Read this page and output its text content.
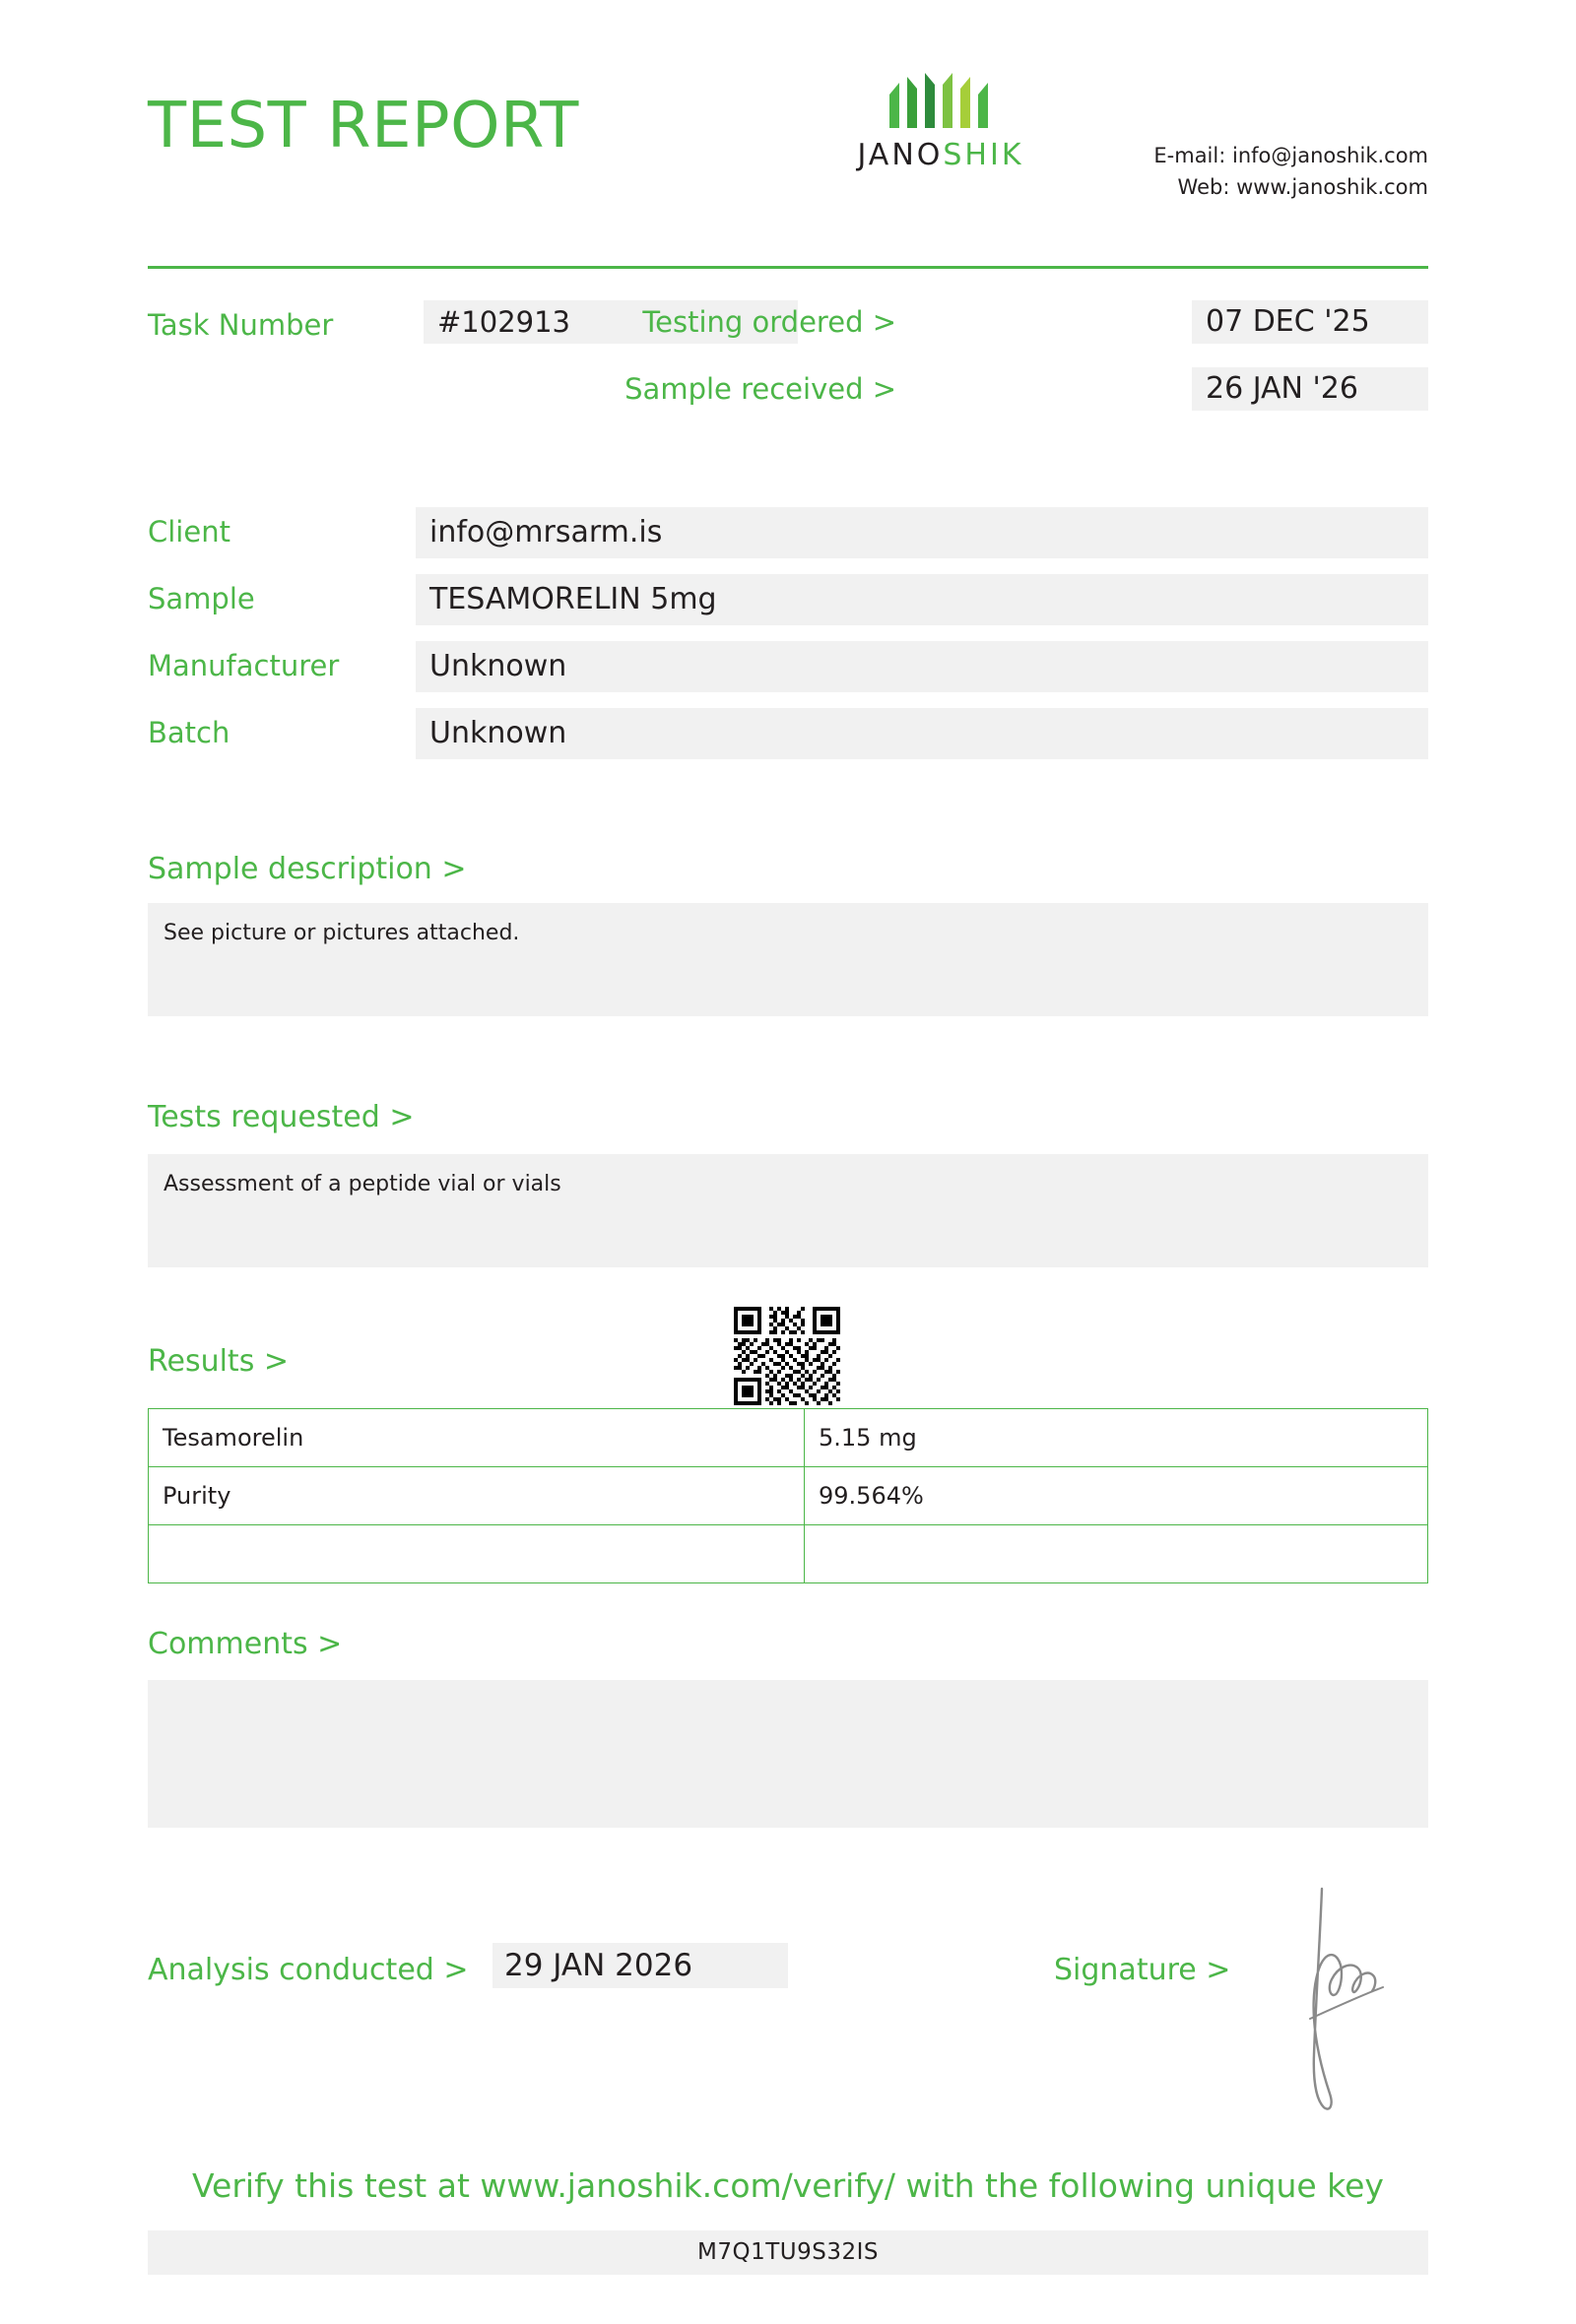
TEST REPORT	JANOSHIK	E-mail: info@janoshik.com
Web: www.janoshik.com
Task Number	#102913	Testing ordered >	07 DEC '25
Sample received >	26 JAN '26
Client	info@mrsarm.is
Sample	TESAMORELIN 5mg
Manufacturer	Unknown
Batch	Unknown
Sample description >
See picture or pictures attached.
Tests requested >
Assessment of a peptide vial or vials
Results >
Tesamorelin	5.15 mg
Purity	99.564%

Comments >
Analysis conducted >	29 JAN 2026	Signature >
Verify this test at www.janoshik.com/verify/ with the following unique key
M7Q1TU9S32IS
